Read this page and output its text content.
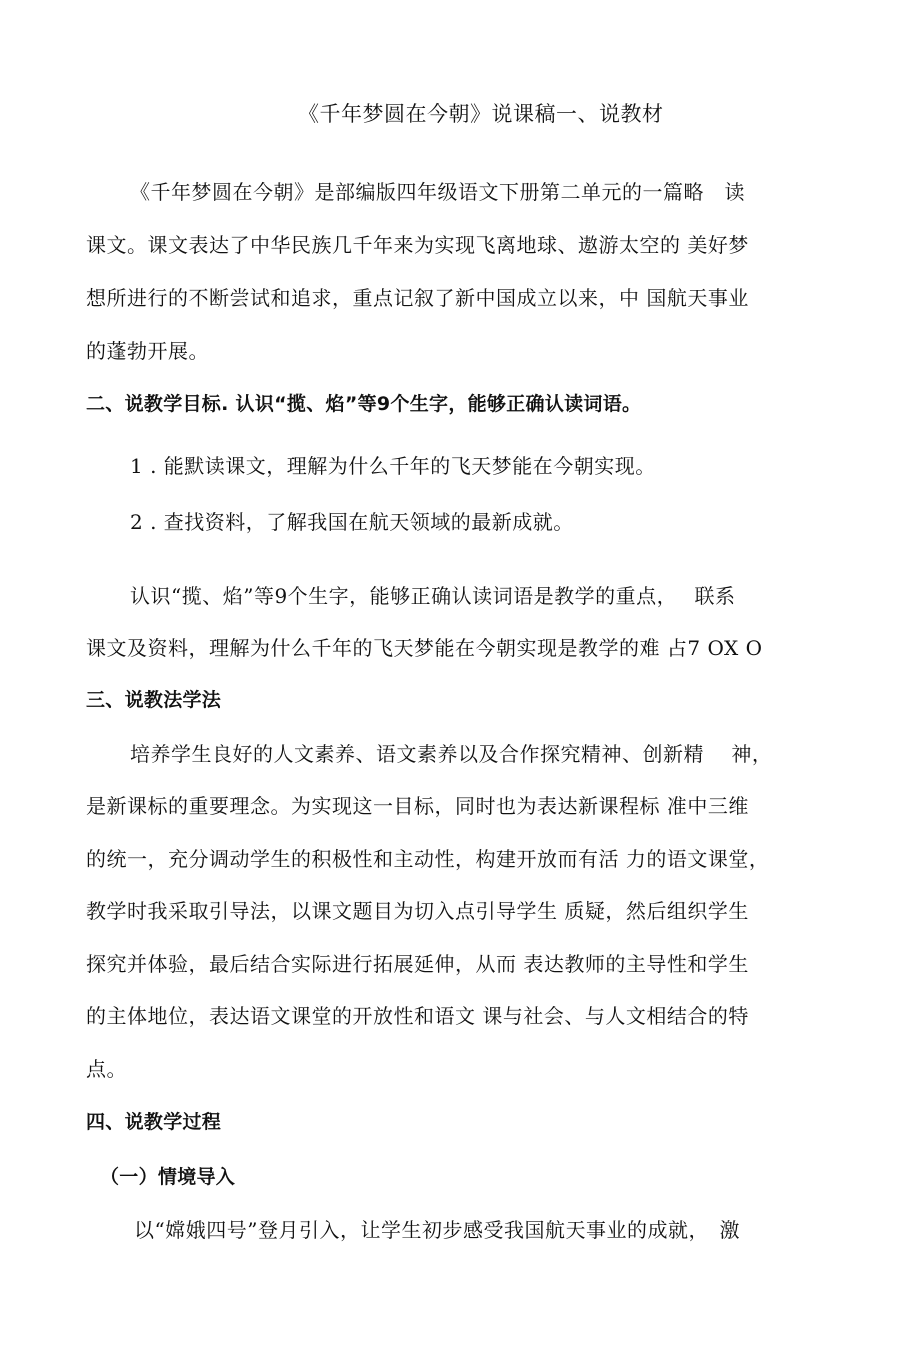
《千年梦圆在今朝》说课稿一、说教材
《千年梦圆在今朝》是部编版四年级语文下册第二单元的一篇略　读
课文。课文表达了中华民族几千年来为实现飞离地球、遨游太空的 美好梦
想所进行的不断尝试和追求，重点记叙了新中国成立以来，中 国航天事业
的蓬勃开展。
二、说教学目标. 认识“揽、焰”等9个生字，能够正确认读词语。
1 . 能默读课文，理解为什么千年的飞天梦能在今朝实现。
2 . 查找资料，了解我国在航天领域的最新成就。
认识“揽、焰”等9个生字，能够正确认读词语是教学的重点，　 联系
课文及资料，理解为什么千年的飞天梦能在今朝实现是教学的难 占7 OX O
三、说教法学法
培养学生良好的人文素养、语文素养以及合作探究精神、创新精　 神，
是新课标的重要理念。为实现这一目标，同时也为表达新课程标 准中三维
的统一，充分调动学生的积极性和主动性，构建开放而有活 力的语文课堂，
教学时我采取引导法，以课文题目为切入点引导学生 质疑，然后组织学生
探究并体验，最后结合实际进行拓展延伸，从而 表达教师的主导性和学生
的主体地位，表达语文课堂的开放性和语文 课与社会、与人文相结合的特
点。
四、说教学过程
（一）情境导入
以“嫦娥四号”登月引入，让学生初步感受我国航天事业的成就，　激
